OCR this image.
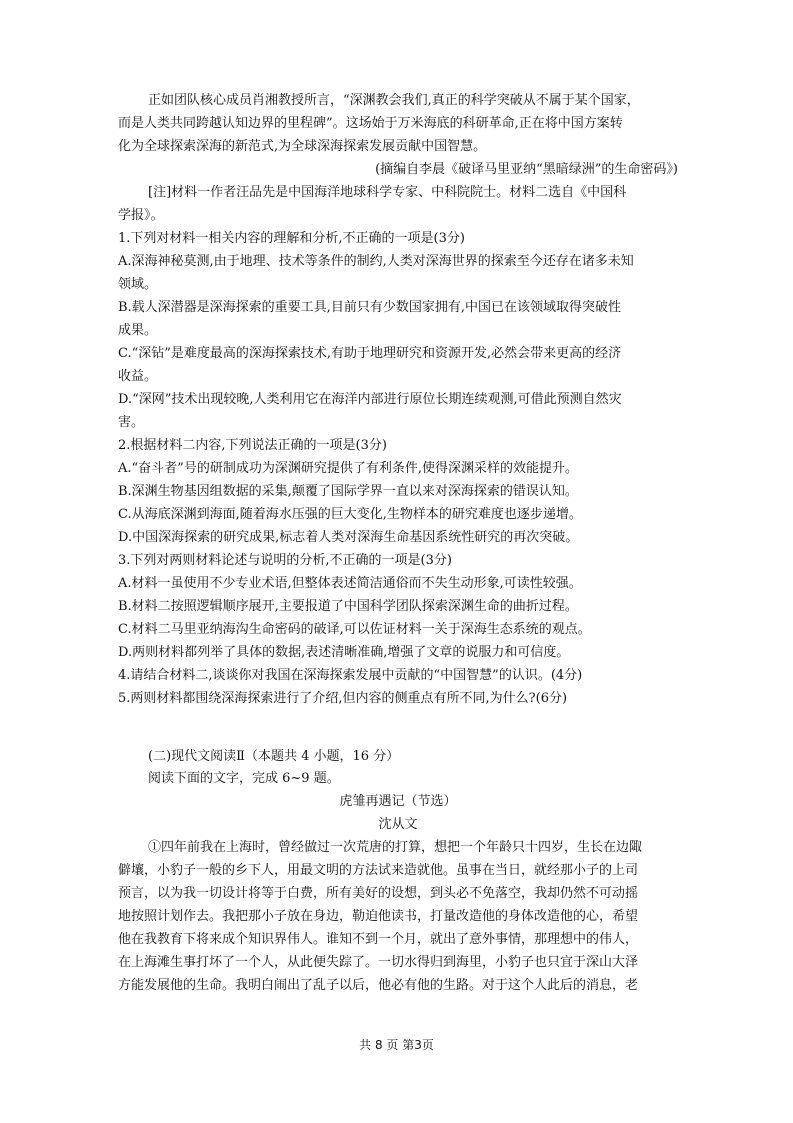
正如团队核心成员肖湘教授所言，“深渊教会我们,真正的科学突破从不属于某个国家，
而是人类共同跨越认知边界的里程碑”。这场始于万米海底的科研革命,正在将中国方案转
化为全球探索深海的新范式,为全球深海探索发展贡献中国智慧。
(摘编自李晨《破译马里亚纳“黑暗绿洲”的生命密码》)
[注]材料一作者汪品先是中国海洋地球科学专家、中科院院士。材料二选自《中国科
学报》。
1.下列对材料一相关内容的理解和分析,不正确的一项是(3分)
A.深海神秘莫测,由于地理、技术等条件的制约,人类对深海世界的探索至今还存在诸多未知
领域。
B.载人深潜器是深海探索的重要工具,目前只有少数国家拥有,中国已在该领域取得突破性
成果。
C.“深钻”是难度最高的深海探索技术,有助于地理研究和资源开发,必然会带来更高的经济
收益。
D.“深网”技术出现较晚,人类利用它在海洋内部进行原位长期连续观测,可借此预测自然灾
害。
2.根据材料二内容,下列说法正确的一项是(3分)
A.“奋斗者”号的研制成功为深渊研究提供了有利条件,使得深渊采样的效能提升。
B.深渊生物基因组数据的采集,颠覆了国际学界一直以来对深海探索的错误认知。
C.从海底深渊到海面,随着海水压强的巨大变化,生物样本的研究难度也逐步递增。
D.中国深海探索的研究成果,标志着人类对深海生命基因系统性研究的再次突破。
3.下列对两则材料论述与说明的分析,不正确的一项是(3分)
A.材料一虽使用不少专业术语,但整体表述简洁通俗而不失生动形象,可读性较强。
B.材料二按照逻辑顺序展开,主要报道了中国科学团队探索深渊生命的曲折过程。
C.材料二马里亚纳海沟生命密码的破译,可以佐证材料一关于深海生态系统的观点。
D.两则材料都列举了具体的数据,表述清晰准确,增强了文章的说服力和可信度。
4.请结合材料二,谈谈你对我国在深海探索发展中贡献的“中国智慧”的认识。(4分)
5.两则材料都围绕深海探索进行了介绍,但内容的侧重点有所不同,为什么?(6分)
(二)现代文阅读Ⅱ（本题共 4 小题，16 分）
阅读下面的文字，完成 6~9 题。
虎雏再遇记（节选）
沈从文
①四年前我在上海时，曾经做过一次荒唐的打算，想把一个年龄只十四岁，生长在边陬
僻壤，小豹子一般的乡下人，用最文明的方法试来造就他。虽事在当日，就经那小子的上司
预言，以为我一切设计将等于白费，所有美好的设想，到头必不免落空，我却仍然不可动摇
地按照计划作去。我把那小子放在身边，勒迫他读书，打量改造他的身体改造他的心，希望
他在我教育下将来成个知识界伟人。谁知不到一个月，就出了意外事情，那理想中的伟人，
在上海滩生事打坏了一个人，从此便失踪了。一切水得归到海里，小豹子也只宜于深山大泽
方能发展他的生命。我明白闹出了乱子以后，他必有他的生路。对于这个人此后的消息，老
共 8 页 第3页
